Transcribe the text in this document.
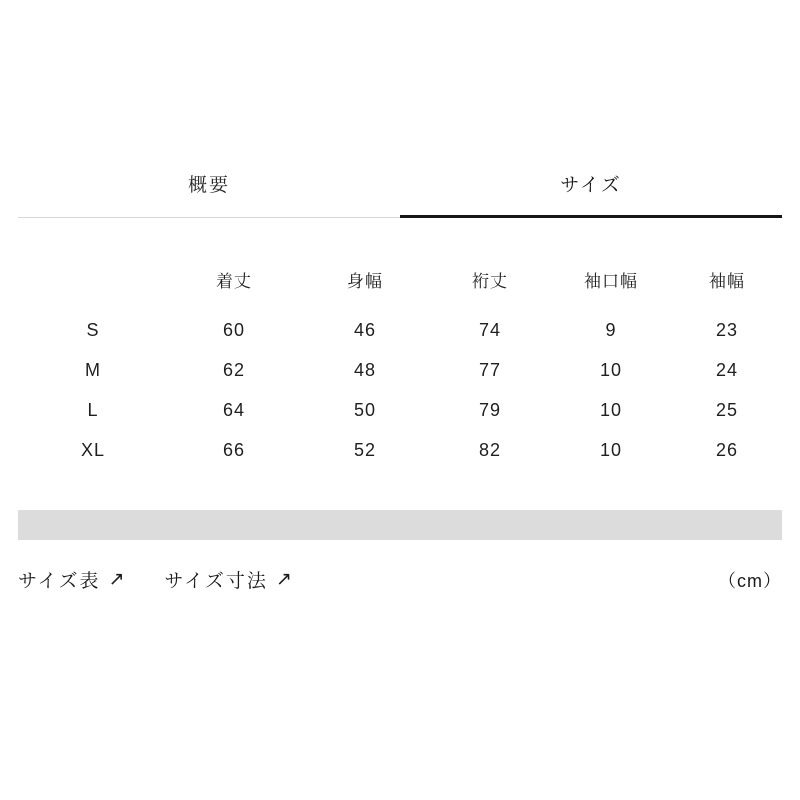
概要	サイズ
	着丈	身幅	裄丈	袖口幅	袖幅
S	60	46	74	9	23
M	62	48	77	10	24
L	64	50	79	10	25
XL	66	52	82	10	26
サイズ表 ↗ サイズ寸法 ↗	（cm）
